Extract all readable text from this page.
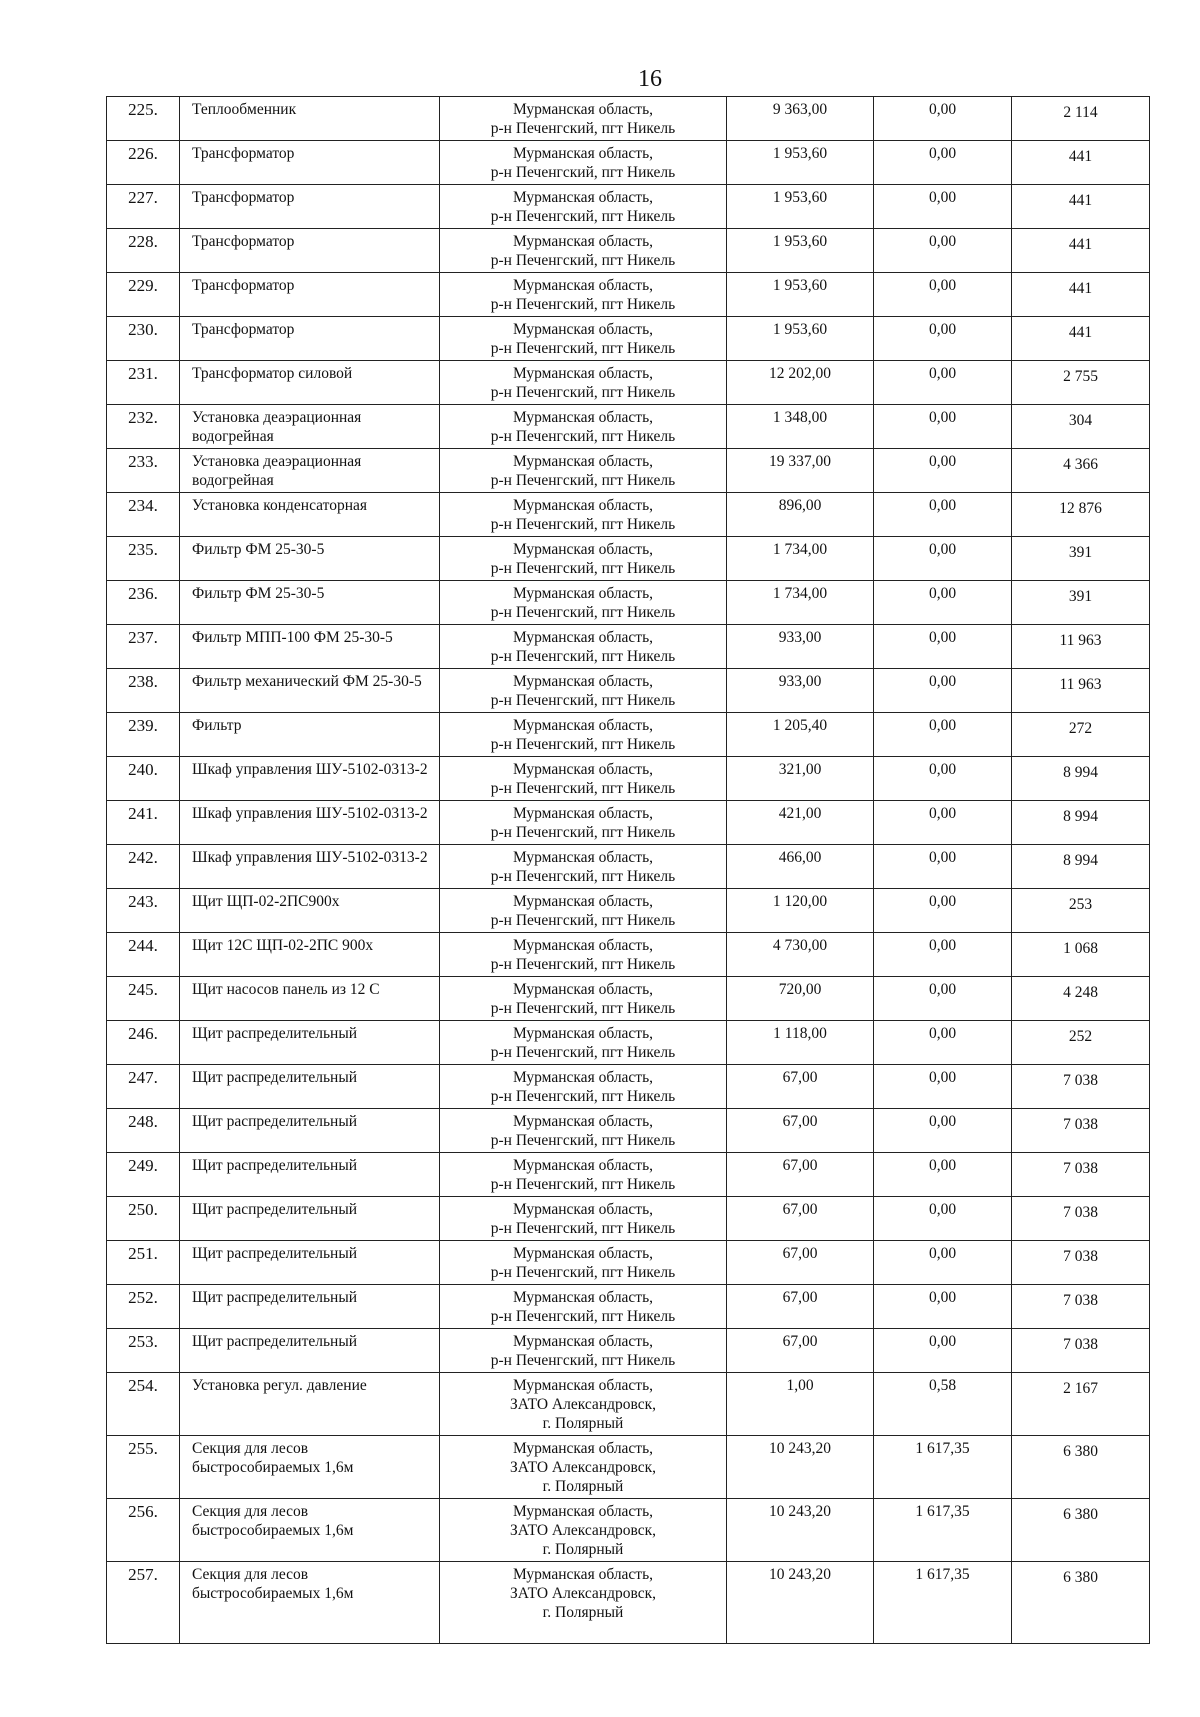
16
225.	Теплообменник	Мурманская область,
р-н Печенгский, пгт Никель	9 363,00	0,00	2 114
226.	Трансформатор	Мурманская область,
р-н Печенгский, пгт Никель	1 953,60	0,00	441
227.	Трансформатор	Мурманская область,
р-н Печенгский, пгт Никель	1 953,60	0,00	441
228.	Трансформатор	Мурманская область,
р-н Печенгский, пгт Никель	1 953,60	0,00	441
229.	Трансформатор	Мурманская область,
р-н Печенгский, пгт Никель	1 953,60	0,00	441
230.	Трансформатор	Мурманская область,
р-н Печенгский, пгт Никель	1 953,60	0,00	441
231.	Трансформатор силовой	Мурманская область,
р-н Печенгский, пгт Никель	12 202,00	0,00	2 755
232.	Установка деаэрационная водогрейная	Мурманская область,
р-н Печенгский, пгт Никель	1 348,00	0,00	304
233.	Установка деаэрационная водогрейная	Мурманская область,
р-н Печенгский, пгт Никель	19 337,00	0,00	4 366
234.	Установка конденсаторная	Мурманская область,
р-н Печенгский, пгт Никель	896,00	0,00	12 876
235.	Фильтр ФМ 25-30-5	Мурманская область,
р-н Печенгский, пгт Никель	1 734,00	0,00	391
236.	Фильтр ФМ 25-30-5	Мурманская область,
р-н Печенгский, пгт Никель	1 734,00	0,00	391
237.	Фильтр МПП-100 ФМ 25-30-5	Мурманская область,
р-н Печенгский, пгт Никель	933,00	0,00	11 963
238.	Фильтр механический ФМ 25-30-5	Мурманская область,
р-н Печенгский, пгт Никель	933,00	0,00	11 963
239.	Фильтр	Мурманская область,
р-н Печенгский, пгт Никель	1 205,40	0,00	272
240.	Шкаф управления ШУ-5102-0313-2	Мурманская область,
р-н Печенгский, пгт Никель	321,00	0,00	8 994
241.	Шкаф управления ШУ-5102-0313-2	Мурманская область,
р-н Печенгский, пгт Никель	421,00	0,00	8 994
242.	Шкаф управления ШУ-5102-0313-2	Мурманская область,
р-н Печенгский, пгт Никель	466,00	0,00	8 994
243.	Щит ЩП-02-2ПС900х	Мурманская область,
р-н Печенгский, пгт Никель	1 120,00	0,00	253
244.	Щит 12С ЩП-02-2ПС 900х	Мурманская область,
р-н Печенгский, пгт Никель	4 730,00	0,00	1 068
245.	Щит насосов панель из 12 С	Мурманская область,
р-н Печенгский, пгт Никель	720,00	0,00	4 248
246.	Щит распределительный	Мурманская область,
р-н Печенгский, пгт Никель	1 118,00	0,00	252
247.	Щит распределительный	Мурманская область,
р-н Печенгский, пгт Никель	67,00	0,00	7 038
248.	Щит распределительный	Мурманская область,
р-н Печенгский, пгт Никель	67,00	0,00	7 038
249.	Щит распределительный	Мурманская область,
р-н Печенгский, пгт Никель	67,00	0,00	7 038
250.	Щит распределительный	Мурманская область,
р-н Печенгский, пгт Никель	67,00	0,00	7 038
251.	Щит распределительный	Мурманская область,
р-н Печенгский, пгт Никель	67,00	0,00	7 038
252.	Щит распределительный	Мурманская область,
р-н Печенгский, пгт Никель	67,00	0,00	7 038
253.	Щит распределительный	Мурманская область,
р-н Печенгский, пгт Никель	67,00	0,00	7 038
254.	Установка регул. давление	Мурманская область,
ЗАТО Александровск,
г. Полярный	1,00	0,58	2 167
255.	Секция для лесов быстрособираемых 1,6м	Мурманская область,
ЗАТО Александровск,
г. Полярный	10 243,20	1 617,35	6 380
256.	Секция для лесов быстрособираемых 1,6м	Мурманская область,
ЗАТО Александровск,
г. Полярный	10 243,20	1 617,35	6 380
257.	Секция для лесов быстрособираемых 1,6м	Мурманская область,
ЗАТО Александровск,
г. Полярный	10 243,20	1 617,35	6 380
